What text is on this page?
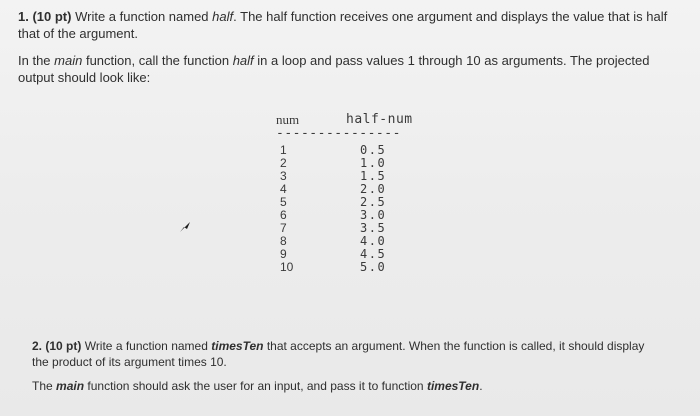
1. (10 pt) Write a function named half. The half function receives one argument and displays the value that is half that of the argument.

In the main function, call the function half in a loop and pass values 1 through 10 as arguments. The projected output should look like:

num	half-num
---------------
1	0.5
2	1.0
3	1.5
4	2.0
5	2.5
6	3.0
7	3.5
8	4.0
9	4.5
10	5.0

2. (10 pt) Write a function named timesTen that accepts an argument. When the function is called, it should display the product of its argument times 10.

The main function should ask the user for an input, and pass it to function timesTen.
